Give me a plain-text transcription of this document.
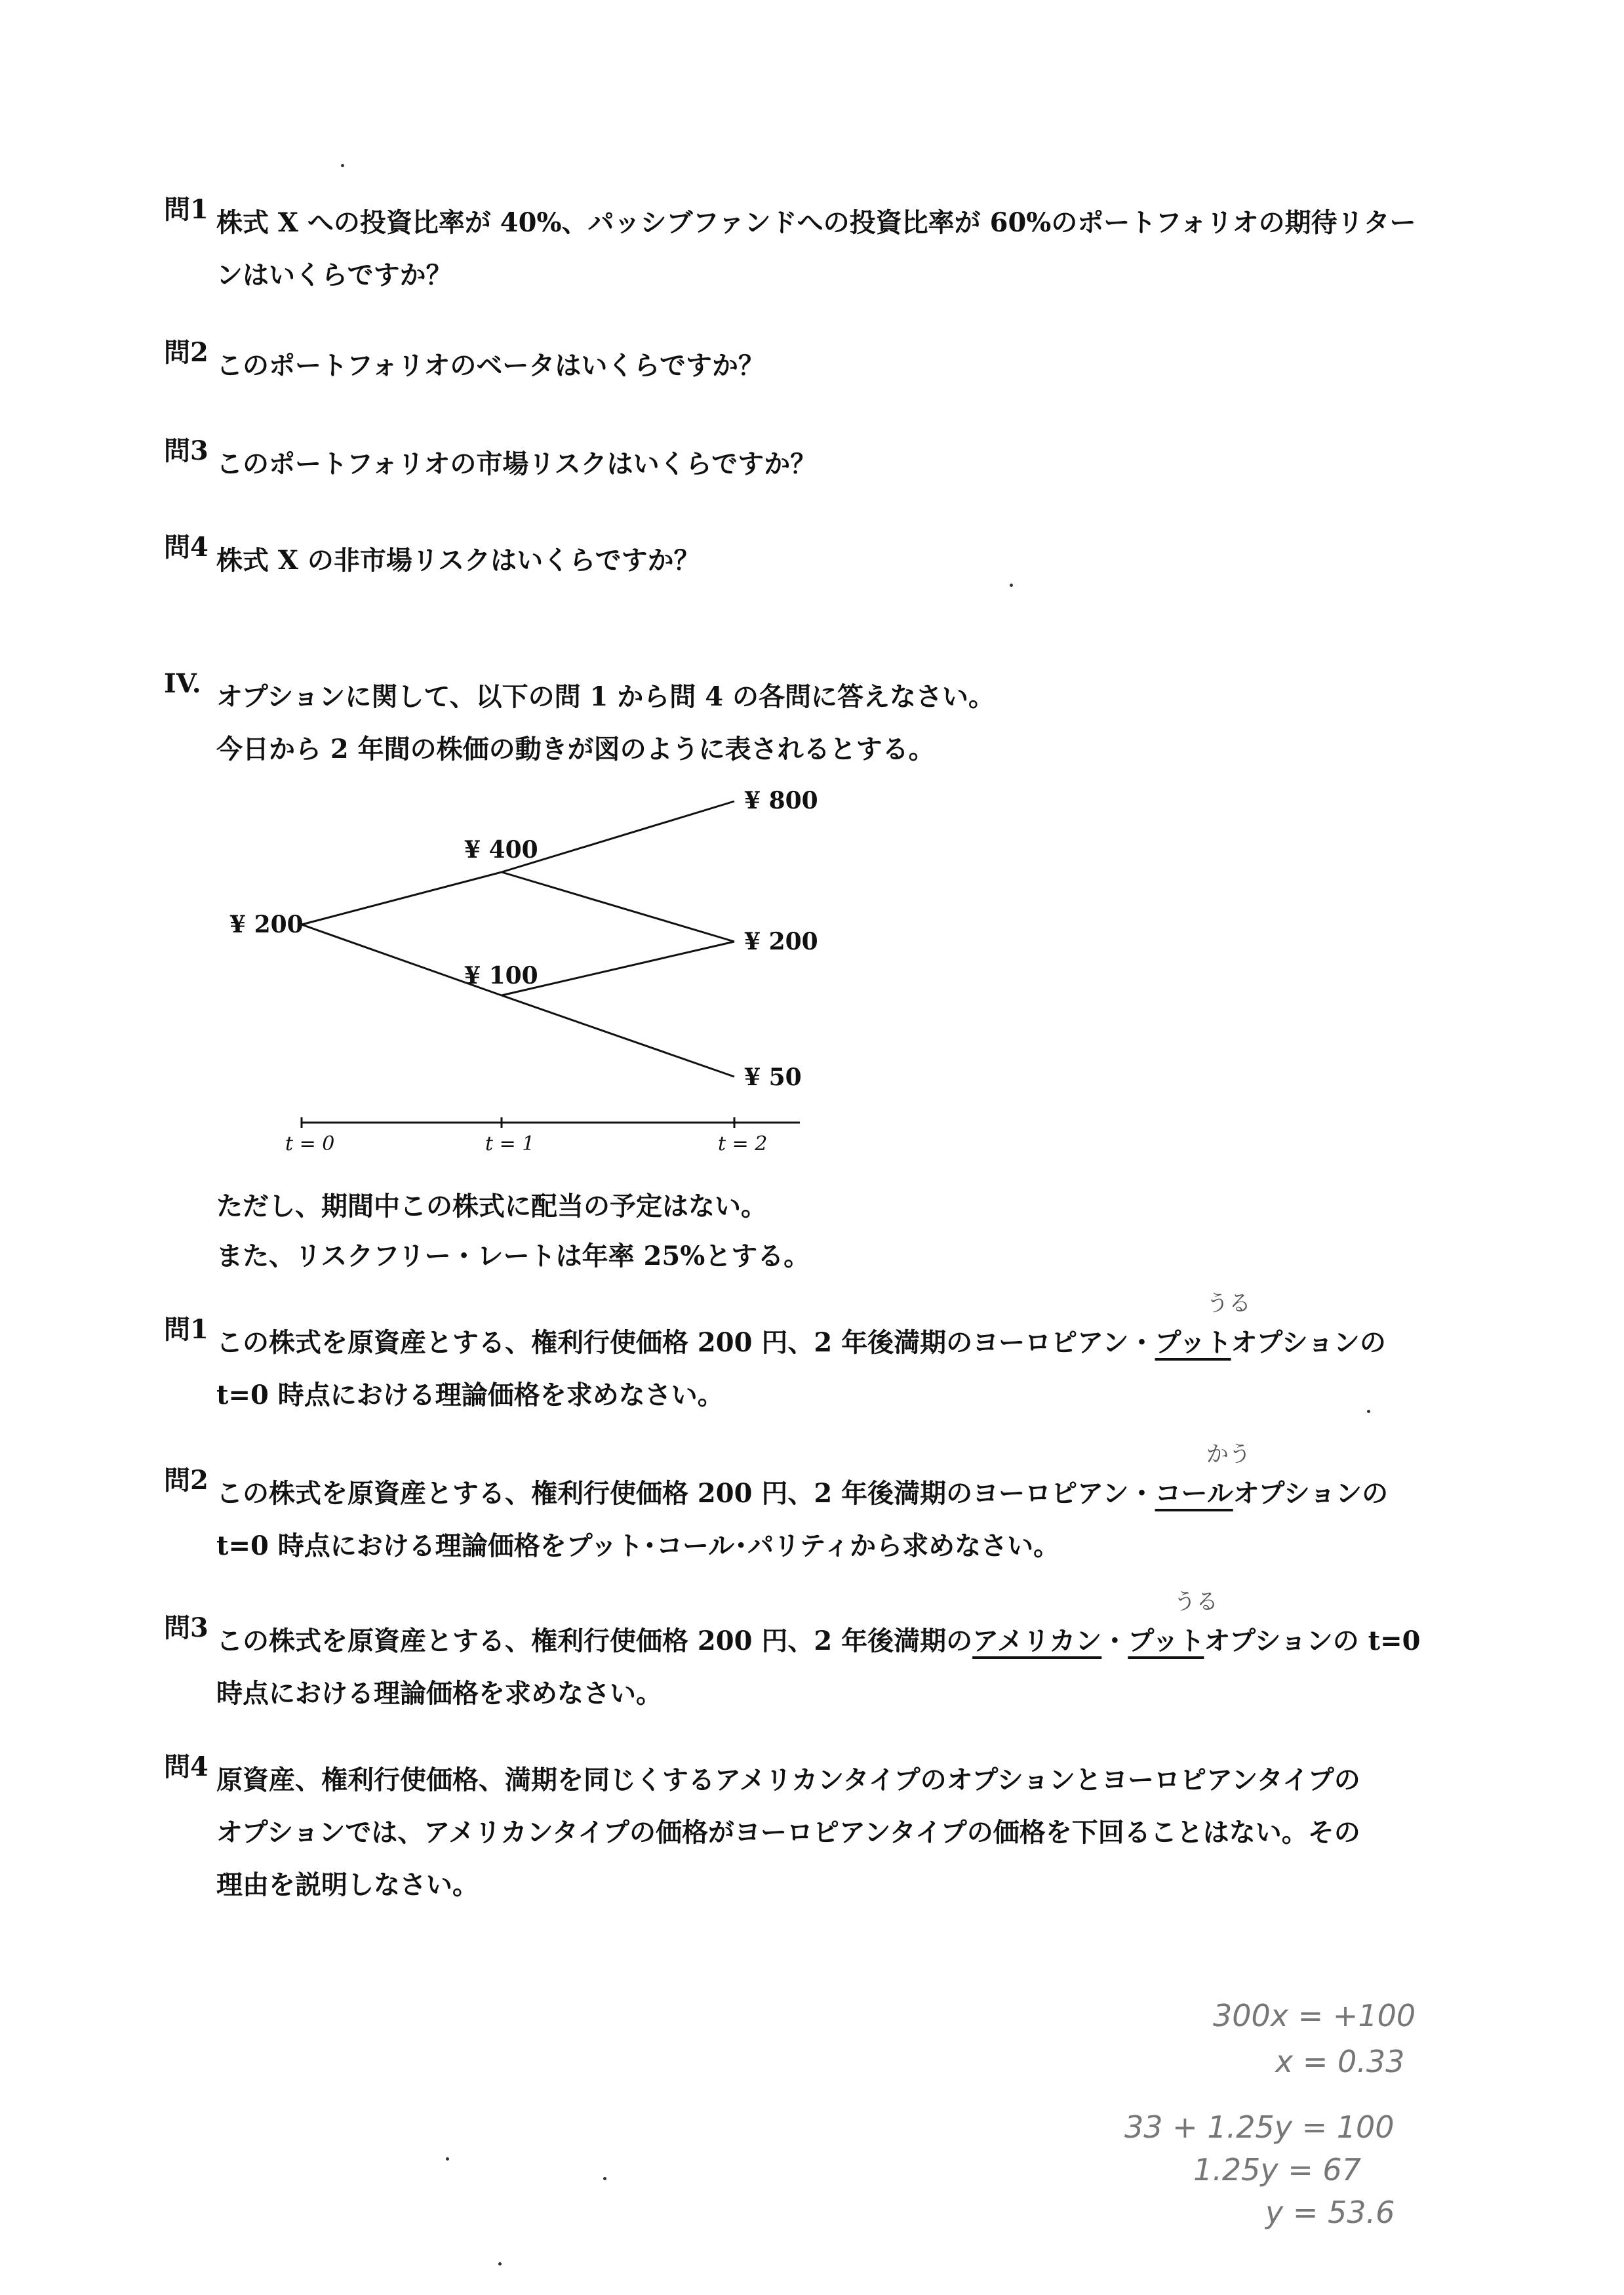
問1 株式 X への投資比率が 40%、パッシブファンドへの投資比率が 60%のポートフォリオの期待リター
ンはいくらですか？
問2 このポートフォリオのベータはいくらですか？
問3 このポートフォリオの市場リスクはいくらですか？
問4 株式 X の非市場リスクはいくらですか？
IV. オプションに関して、以下の問 1 から問 4 の各問に答えなさい。
今日から 2 年間の株価の動きが図のように表されるとする。
¥ 200
¥ 400
¥ 100
¥ 800
¥ 200
¥ 50
t = 0	t = 1	t = 2
ただし、期間中この株式に配当の予定はない。
また、リスクフリー・レートは年率 25%とする。
うる
問1 この株式を原資産とする、権利行使価格 200 円、2 年後満期のヨーロピアン・プットオプションの
t=0 時点における理論価格を求めなさい。
かう
問2 この株式を原資産とする、権利行使価格 200 円、2 年後満期のヨーロピアン・コールオプションの
t=0 時点における理論価格をプット･コール･パリティから求めなさい。
うる
問3 この株式を原資産とする、権利行使価格 200 円、2 年後満期のアメリカン・プットオプションの t=0
時点における理論価格を求めなさい。
問4 原資産、権利行使価格、満期を同じくするアメリカンタイプのオプションとヨーロピアンタイプの
オプションでは、アメリカンタイプの価格がヨーロピアンタイプの価格を下回ることはない。その
理由を説明しなさい。
300x = +100
x = 0.33
33 + 1.25y = 100
1.25y = 67
y = 53.6
